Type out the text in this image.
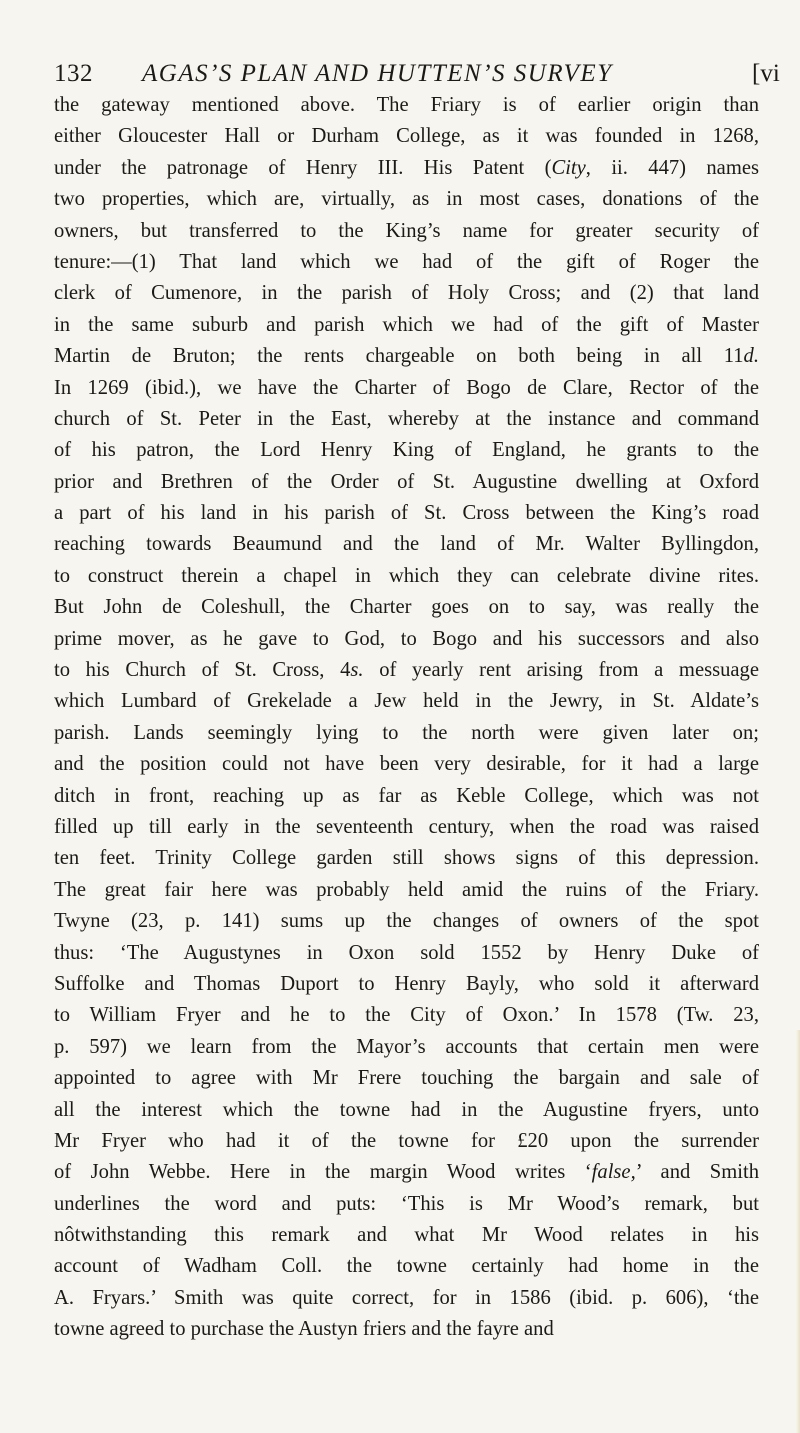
132 AGAS’S PLAN AND HUTTEN’S SURVEY	[vi
the gateway mentioned above. The Friary is of earlier origin than
either Gloucester Hall or Durham College, as it was founded in 1268,
under the patronage of Henry III. His Patent (City, ii. 447) names
two properties, which are, virtually, as in most cases, donations of the
owners, but transferred to the King’s name for greater security of
tenure:—(1) That land which we had of the gift of Roger the
clerk of Cumenore, in the parish of Holy Cross; and (2) that land
in the same suburb and parish which we had of the gift of Master
Martin de Bruton; the rents chargeable on both being in all 11d.
In 1269 (ibid.), we have the Charter of Bogo de Clare, Rector of the
church of St. Peter in the East, whereby at the instance and command
of his patron, the Lord Henry King of England, he grants to the
prior and Brethren of the Order of St. Augustine dwelling at Oxford
a part of his land in his parish of St. Cross between the King’s road
reaching towards Beaumund and the land of Mr. Walter Byllingdon,
to construct therein a chapel in which they can celebrate divine rites.
But John de Coleshull, the Charter goes on to say, was really the
prime mover, as he gave to God, to Bogo and his successors and also
to his Church of St. Cross, 4s. of yearly rent arising from a messuage
which Lumbard of Grekelade a Jew held in the Jewry, in St. Aldate’s
parish. Lands seemingly lying to the north were given later on;
and the position could not have been very desirable, for it had a large
ditch in front, reaching up as far as Keble College, which was not
filled up till early in the seventeenth century, when the road was raised
ten feet. Trinity College garden still shows signs of this depression.
The great fair here was probably held amid the ruins of the Friary.
Twyne (23, p. 141) sums up the changes of owners of the spot
thus: ‘The Augustynes in Oxon sold 1552 by Henry Duke of
Suffolke and Thomas Duport to Henry Bayly, who sold it afterward
to William Fryer and he to the City of Oxon.’ In 1578 (Tw. 23,
p. 597) we learn from the Mayor’s accounts that certain men were
appointed to agree with Mr Frere touching the bargain and sale of
all the interest which the towne had in the Augustine fryers, unto
Mr Fryer who had it of the towne for £20 upon the surrender
of John Webbe. Here in the margin Wood writes ‘false,’ and Smith
underlines the word and puts: ‘This is Mr Wood’s remark, but
nôtwithstanding this remark and what Mr Wood relates in his
account of Wadham Coll. the towne certainly had home in the
A. Fryars.’ Smith was quite correct, for in 1586 (ibid. p. 606), ‘the
towne agreed to purchase the Austyn friers and the fayre and
